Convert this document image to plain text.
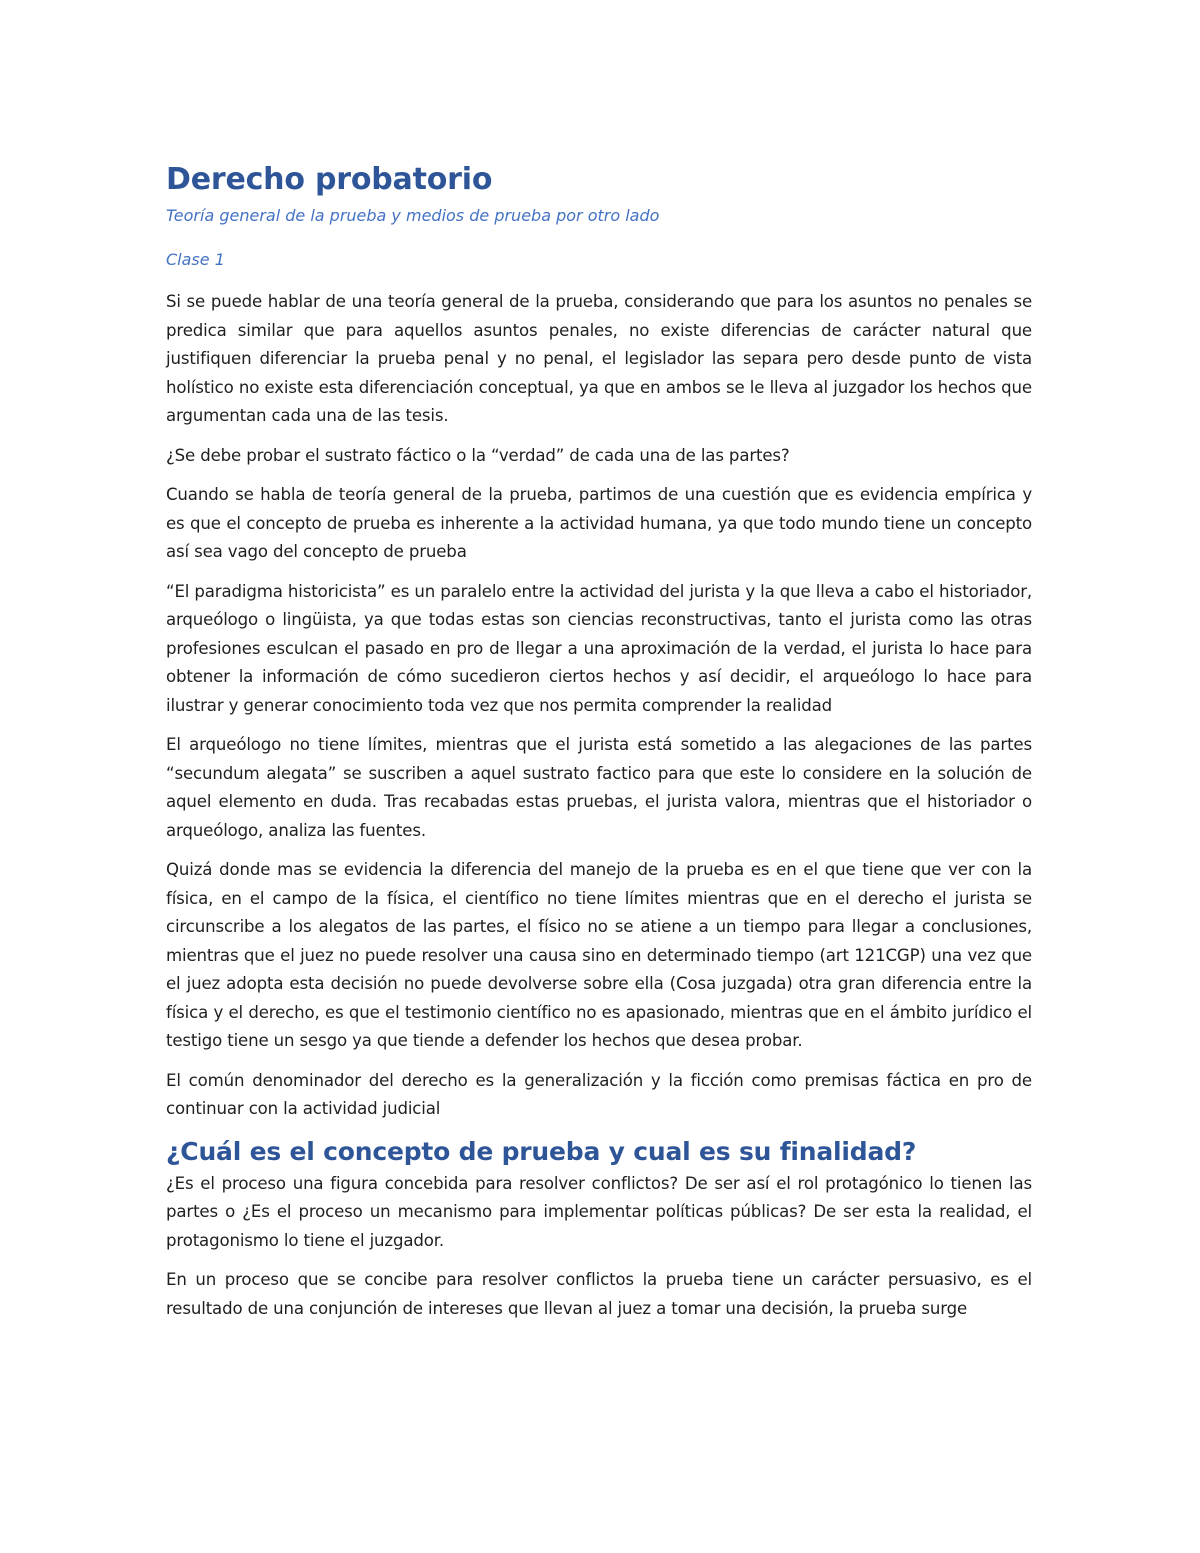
Derecho probatorio
Teoría general de la prueba y medios de prueba por otro lado
Clase 1

Si se puede hablar de una teoría general de la prueba, considerando que para los asuntos no penales se predica similar que para aquellos asuntos penales, no existe diferencias de carácter natural que justifiquen diferenciar la prueba penal y no penal, el legislador las separa pero desde punto de vista holístico no existe esta diferenciación conceptual, ya que en ambos se le lleva al juzgador los hechos que argumentan cada una de las tesis.

¿Se debe probar el sustrato fáctico o la “verdad” de cada una de las partes?

Cuando se habla de teoría general de la prueba, partimos de una cuestión que es evidencia empírica y es que el concepto de prueba es inherente a la actividad humana, ya que todo mundo tiene un concepto así sea vago del concepto de prueba

“El paradigma historicista” es un paralelo entre la actividad del jurista y la que lleva a cabo el historiador, arqueólogo o lingüista, ya que todas estas son ciencias reconstructivas, tanto el jurista como las otras profesiones esculcan el pasado en pro de llegar a una aproximación de la verdad, el jurista lo hace para obtener la información de cómo sucedieron ciertos hechos y así decidir, el arqueólogo lo hace para ilustrar y generar conocimiento toda vez que nos permita comprender la realidad

El arqueólogo no tiene límites, mientras que el jurista está sometido a las alegaciones de las partes “secundum alegata” se suscriben a aquel sustrato factico para que este lo considere en la solución de aquel elemento en duda. Tras recabadas estas pruebas, el jurista valora, mientras que el historiador o arqueólogo, analiza las fuentes.

Quizá donde mas se evidencia la diferencia del manejo de la prueba es en el que tiene que ver con la física, en el campo de la física, el científico no tiene límites mientras que en el derecho el jurista se circunscribe a los alegatos de las partes, el físico no se atiene a un tiempo para llegar a conclusiones, mientras que el juez no puede resolver una causa sino en determinado tiempo (art 121CGP) una vez que el juez adopta esta decisión no puede devolverse sobre ella (Cosa juzgada) otra gran diferencia entre la física y el derecho, es que el testimonio científico no es apasionado, mientras que en el ámbito jurídico el testigo tiene un sesgo ya que tiende a defender los hechos que desea probar.

El común denominador del derecho es la generalización y la ficción como premisas fáctica en pro de continuar con la actividad judicial

¿Cuál es el concepto de prueba y cual es su finalidad?

¿Es el proceso una figura concebida para resolver conflictos? De ser así el rol protagónico lo tienen las partes o ¿Es el proceso un mecanismo para implementar políticas públicas? De ser esta la realidad, el protagonismo lo tiene el juzgador.

En un proceso que se concibe para resolver conflictos la prueba tiene un carácter persuasivo, es el resultado de una conjunción de intereses que llevan al juez a tomar una decisión, la prueba surge
